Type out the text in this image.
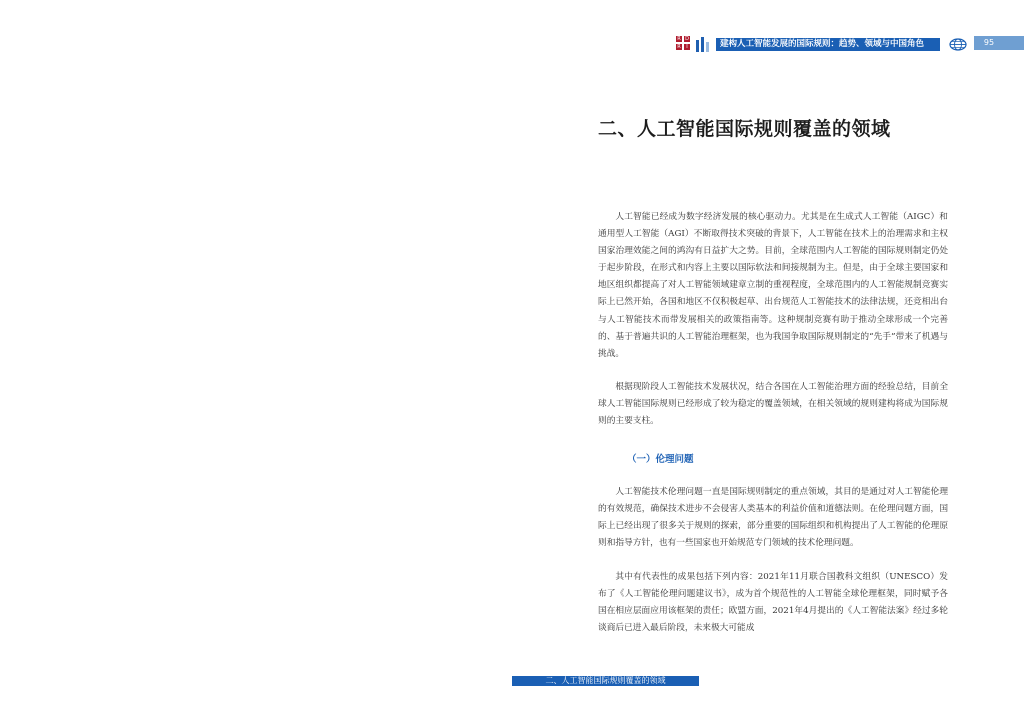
R D
R	I	建构人工智能发展的国际规则：趋势、领域与中国角色	95
二、人工智能国际规则覆盖的领域

人工智能已经成为数字经济发展的核心驱动力。尤其是在生成式人工智能（AIGC）和通用型人工智能（AGI）不断取得技术突破的背景下，人工智能在技术上的治理需求和主权国家治理效能之间的鸿沟有日益扩大之势。目前，全球范围内人工智能的国际规则制定仍处于起步阶段，在形式和内容上主要以国际软法和间接规制为主。但是，由于全球主要国家和地区组织都提高了对人工智能领域建章立制的重视程度，全球范围内的人工智能规制竞赛实际上已然开始，各国和地区不仅积极起草、出台规范人工智能技术的法律法规，还竞相出台与人工智能技术而带发展相关的政策指南等。这种规制竞赛有助于推动全球形成一个完善的、基于普遍共识的人工智能治理框架，也为我国争取国际规则制定的“先手”带来了机遇与挑战。

根据现阶段人工智能技术发展状况，结合各国在人工智能治理方面的经验总结，目前全球人工智能国际规则已经形成了较为稳定的覆盖领域，在相关领域的规则建构将成为国际规则的主要支柱。

（一）伦理问题

人工智能技术伦理问题一直是国际规则制定的重点领域，其目的是通过对人工智能伦理的有效规范，确保技术进步不会侵害人类基本的利益价值和道德法则。在伦理问题方面，国际上已经出现了很多关于规则的探索，部分重要的国际组织和机构提出了人工智能的伦理原则和指导方针，也有一些国家也开始规范专门领域的技术伦理问题。

其中有代表性的成果包括下列内容：2021年11月联合国教科文组织（UNESCO）发布了《人工智能伦理问题建议书》，成为首个规范性的人工智能全球伦理框架，同时赋予各国在相应层面应用该框架的责任；欧盟方面，2021年4月提出的《人工智能法案》经过多轮谈商后已进入最后阶段，未来极大可能成

二、人工智能国际规则覆盖的领域
